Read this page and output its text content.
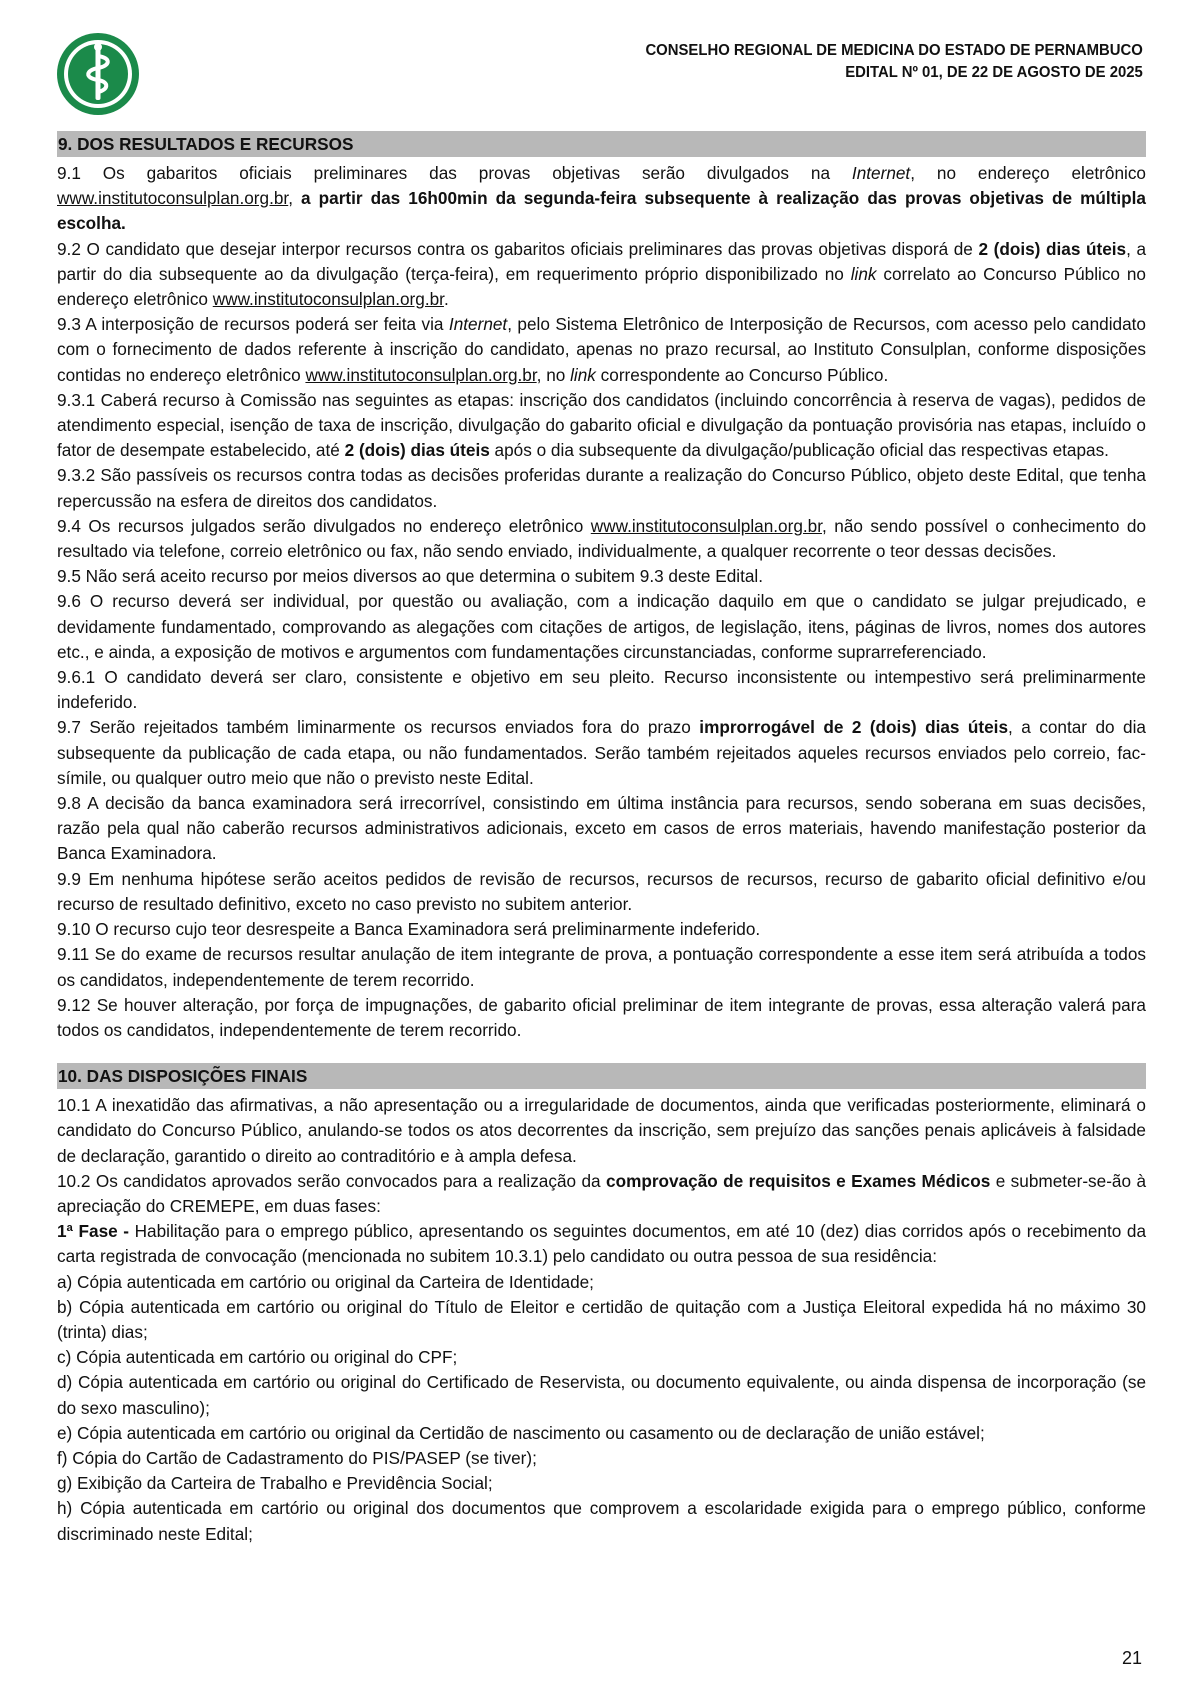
CONSELHO REGIONAL DE MEDICINA DO ESTADO DE PERNAMBUCO
EDITAL Nº 01, DE 22 DE AGOSTO DE 2025
9. DOS RESULTADOS E RECURSOS

9.1 Os gabaritos oficiais preliminares das provas objetivas serão divulgados na Internet, no endereço eletrônico www.institutoconsulplan.org.br, a partir das 16h00min da segunda-feira subsequente à realização das provas objetivas de múltipla escolha.

9.2 O candidato que desejar interpor recursos contra os gabaritos oficiais preliminares das provas objetivas disporá de 2 (dois) dias úteis, a partir do dia subsequente ao da divulgação (terça-feira), em requerimento próprio disponibilizado no link correlato ao Concurso Público no endereço eletrônico www.institutoconsulplan.org.br.

9.3 A interposição de recursos poderá ser feita via Internet, pelo Sistema Eletrônico de Interposição de Recursos, com acesso pelo candidato com o fornecimento de dados referente à inscrição do candidato, apenas no prazo recursal, ao Instituto Consulplan, conforme disposições contidas no endereço eletrônico www.institutoconsulplan.org.br, no link correspondente ao Concurso Público.

9.3.1 Caberá recurso à Comissão nas seguintes as etapas: inscrição dos candidatos (incluindo concorrência à reserva de vagas), pedidos de atendimento especial, isenção de taxa de inscrição, divulgação do gabarito oficial e divulgação da pontuação provisória nas etapas, incluído o fator de desempate estabelecido, até 2 (dois) dias úteis após o dia subsequente da divulgação/publicação oficial das respectivas etapas.

9.3.2 São passíveis os recursos contra todas as decisões proferidas durante a realização do Concurso Público, objeto deste Edital, que tenha repercussão na esfera de direitos dos candidatos.

9.4 Os recursos julgados serão divulgados no endereço eletrônico www.institutoconsulplan.org.br, não sendo possível o conhecimento do resultado via telefone, correio eletrônico ou fax, não sendo enviado, individualmente, a qualquer recorrente o teor dessas decisões.

9.5 Não será aceito recurso por meios diversos ao que determina o subitem 9.3 deste Edital.

9.6 O recurso deverá ser individual, por questão ou avaliação, com a indicação daquilo em que o candidato se julgar prejudicado, e devidamente fundamentado, comprovando as alegações com citações de artigos, de legislação, itens, páginas de livros, nomes dos autores etc., e ainda, a exposição de motivos e argumentos com fundamentações circunstanciadas, conforme suprarreferenciado.

9.6.1 O candidato deverá ser claro, consistente e objetivo em seu pleito. Recurso inconsistente ou intempestivo será preliminarmente indeferido.

9.7 Serão rejeitados também liminarmente os recursos enviados fora do prazo improrrogável de 2 (dois) dias úteis, a contar do dia subsequente da publicação de cada etapa, ou não fundamentados. Serão também rejeitados aqueles recursos enviados pelo correio, fac-símile, ou qualquer outro meio que não o previsto neste Edital.

9.8 A decisão da banca examinadora será irrecorrível, consistindo em última instância para recursos, sendo soberana em suas decisões, razão pela qual não caberão recursos administrativos adicionais, exceto em casos de erros materiais, havendo manifestação posterior da Banca Examinadora.

9.9 Em nenhuma hipótese serão aceitos pedidos de revisão de recursos, recursos de recursos, recurso de gabarito oficial definitivo e/ou recurso de resultado definitivo, exceto no caso previsto no subitem anterior.

9.10 O recurso cujo teor desrespeite a Banca Examinadora será preliminarmente indeferido.

9.11 Se do exame de recursos resultar anulação de item integrante de prova, a pontuação correspondente a esse item será atribuída a todos os candidatos, independentemente de terem recorrido.

9.12 Se houver alteração, por força de impugnações, de gabarito oficial preliminar de item integrante de provas, essa alteração valerá para todos os candidatos, independentemente de terem recorrido.

10. DAS DISPOSIÇÕES FINAIS

10.1 A inexatidão das afirmativas, a não apresentação ou a irregularidade de documentos, ainda que verificadas posteriormente, eliminará o candidato do Concurso Público, anulando-se todos os atos decorrentes da inscrição, sem prejuízo das sanções penais aplicáveis à falsidade de declaração, garantido o direito ao contraditório e à ampla defesa.

10.2 Os candidatos aprovados serão convocados para a realização da comprovação de requisitos e Exames Médicos e submeter-se-ão à apreciação do CREMEPE, em duas fases:

1ª Fase - Habilitação para o emprego público, apresentando os seguintes documentos, em até 10 (dez) dias corridos após o recebimento da carta registrada de convocação (mencionada no subitem 10.3.1) pelo candidato ou outra pessoa de sua residência:

a) Cópia autenticada em cartório ou original da Carteira de Identidade;

b) Cópia autenticada em cartório ou original do Título de Eleitor e certidão de quitação com a Justiça Eleitoral expedida há no máximo 30 (trinta) dias;

c) Cópia autenticada em cartório ou original do CPF;

d) Cópia autenticada em cartório ou original do Certificado de Reservista, ou documento equivalente, ou ainda dispensa de incorporação (se do sexo masculino);

e) Cópia autenticada em cartório ou original da Certidão de nascimento ou casamento ou de declaração de união estável;

f) Cópia do Cartão de Cadastramento do PIS/PASEP (se tiver);

g) Exibição da Carteira de Trabalho e Previdência Social;

h) Cópia autenticada em cartório ou original dos documentos que comprovem a escolaridade exigida para o emprego público, conforme discriminado neste Edital;

21
